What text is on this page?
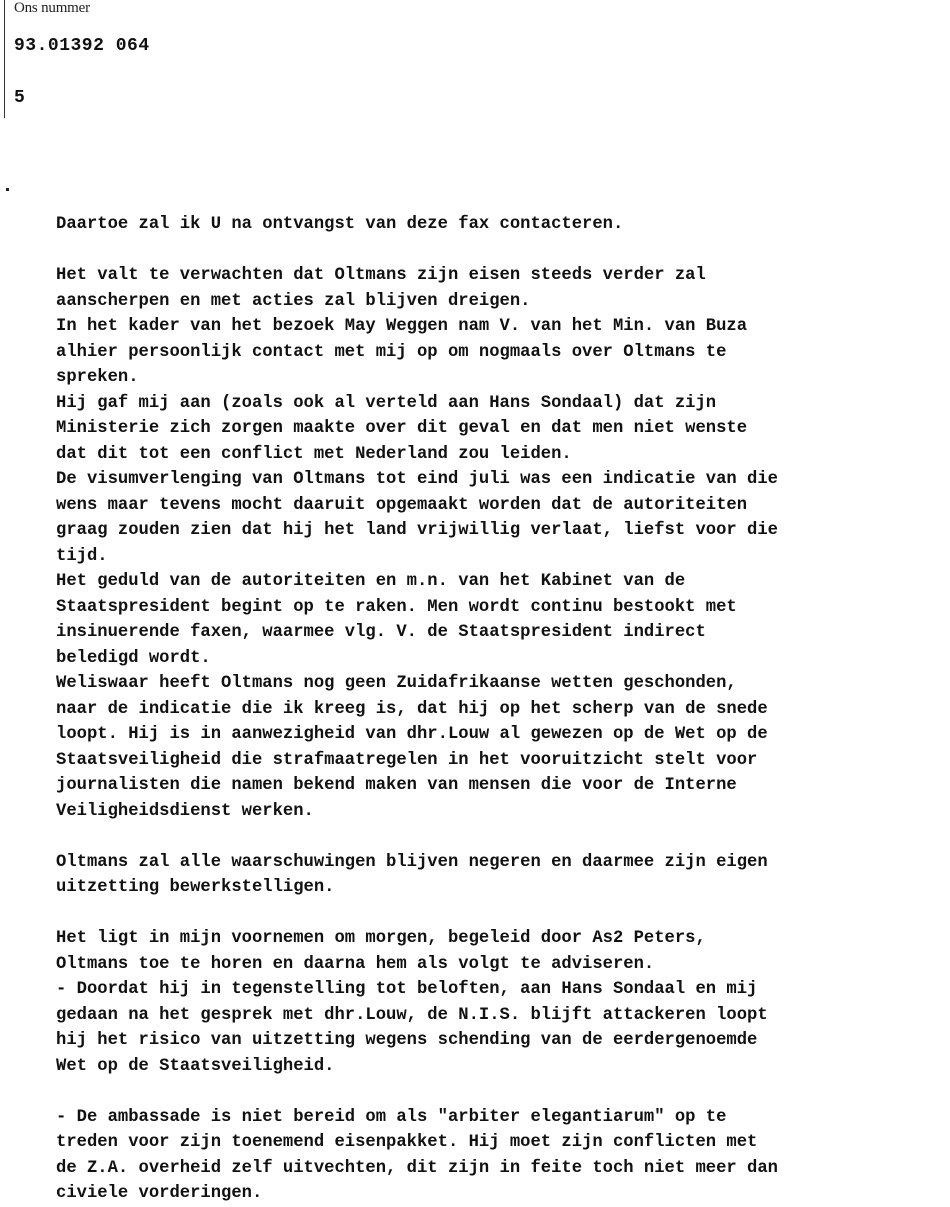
Ons nummer
93.01392 064
5
Daartoe zal ik U na ontvangst van deze fax contacteren.
Het valt te verwachten dat Oltmans zijn eisen steeds verder zal
aanscherpen en met acties zal blijven dreigen.
In het kader van het bezoek May Weggen nam V. van het Min. van Buza
alhier persoonlijk contact met mij op om nogmaals over Oltmans te
spreken.
Hij gaf mij aan (zoals ook al verteld aan Hans Sondaal) dat zijn
Ministerie zich zorgen maakte over dit geval en dat men niet wenste
dat dit tot een conflict met Nederland zou leiden.
De visumverlenging van Oltmans tot eind juli was een indicatie van die
wens maar tevens mocht daaruit opgemaakt worden dat de autoriteiten
graag zouden zien dat hij het land vrijwillig verlaat, liefst voor die
tijd.
Het geduld van de autoriteiten en m.n. van het Kabinet van de
Staatspresident begint op te raken. Men wordt continu bestookt met
insinuerende faxen, waarmee vlg. V. de Staatspresident indirect
beledigd wordt.
Weliswaar heeft Oltmans nog geen Zuidafrikaanse wetten geschonden,
naar de indicatie die ik kreeg is, dat hij op het scherp van de snede
loopt. Hij is in aanwezigheid van dhr.Louw al gewezen op de Wet op de
Staatsveiligheid die strafmaatregelen in het vooruitzicht stelt voor
journalisten die namen bekend maken van mensen die voor de Interne
Veiligheidsdienst werken.
Oltmans zal alle waarschuwingen blijven negeren en daarmee zijn eigen
uitzetting bewerkstelligen.
Het ligt in mijn voornemen om morgen, begeleid door As2 Peters,
Oltmans toe te horen en daarna hem als volgt te adviseren.
- Doordat hij in tegenstelling tot beloften, aan Hans Sondaal en mij
gedaan na het gesprek met dhr.Louw, de N.I.S. blijft attackeren loopt
hij het risico van uitzetting wegens schending van de eerdergenoemde
Wet op de Staatsveiligheid.
- De ambassade is niet bereid om als "arbiter elegantiarum" op te
treden voor zijn toenemend eisenpakket. Hij moet zijn conflicten met
de Z.A. overheid zelf uitvechten, dit zijn in feite toch niet meer dan
civiele vorderingen.
